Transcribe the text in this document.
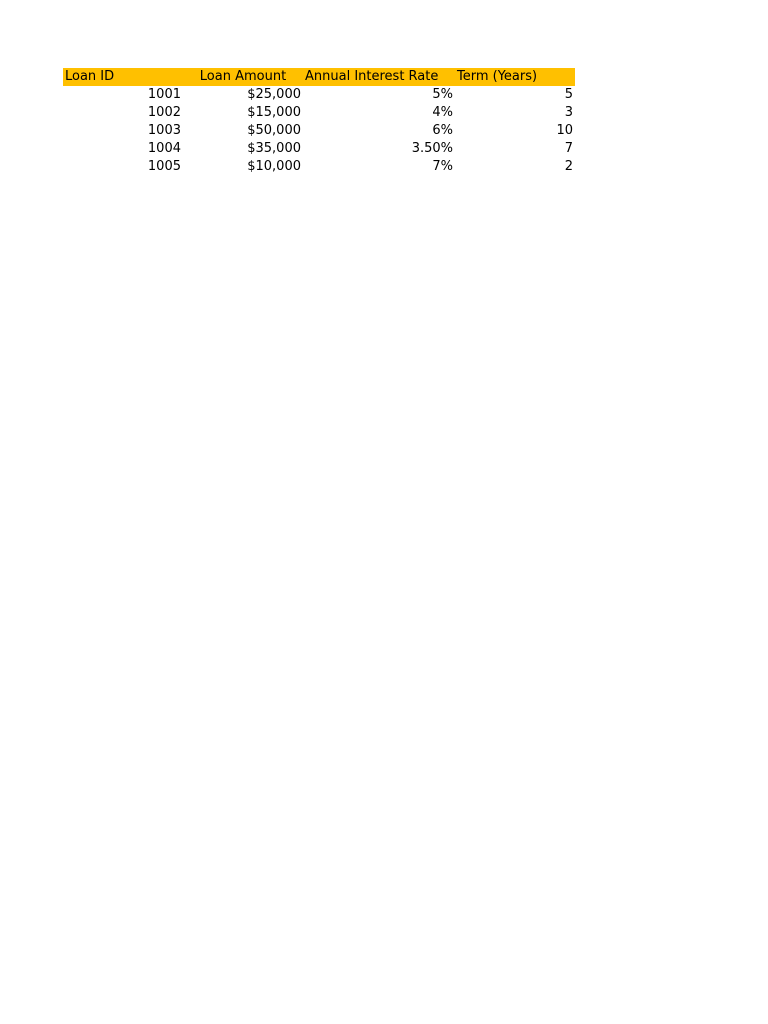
Loan ID	Loan Amount	Annual Interest Rate	Term (Years)
1001	$25,000	5%	5
1002	$15,000	4%	3
1003	$50,000	6%	10
1004	$35,000	3.50%	7
1005	$10,000	7%	2
